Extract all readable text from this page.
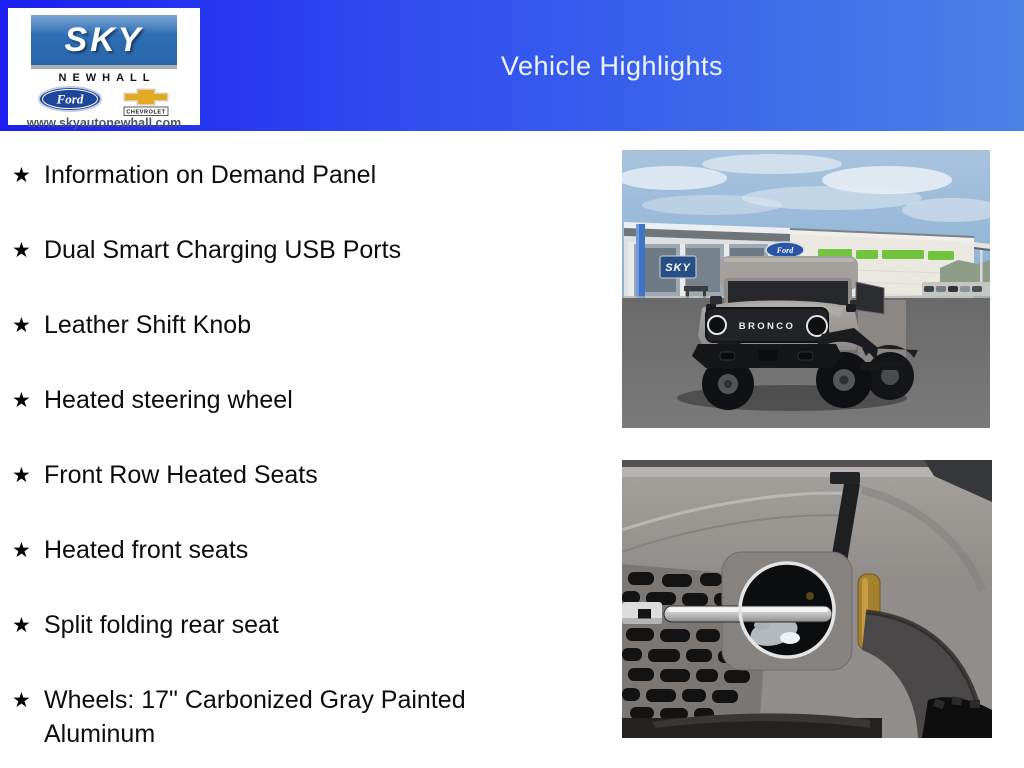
Vehicle Highlights
SKY
NEWHALL
Ford
CHEVROLET
www.skyautonewhall.com
★ Information on Demand Panel
★ Dual Smart Charging USB Ports
★ Leather Shift Knob
★ Heated steering wheel
★ Front Row Heated Seats
★ Heated front seats
★ Split folding rear seat
★ Wheels: 17" Carbonized Gray Painted Aluminum
Ford
SKY
BRONCO
